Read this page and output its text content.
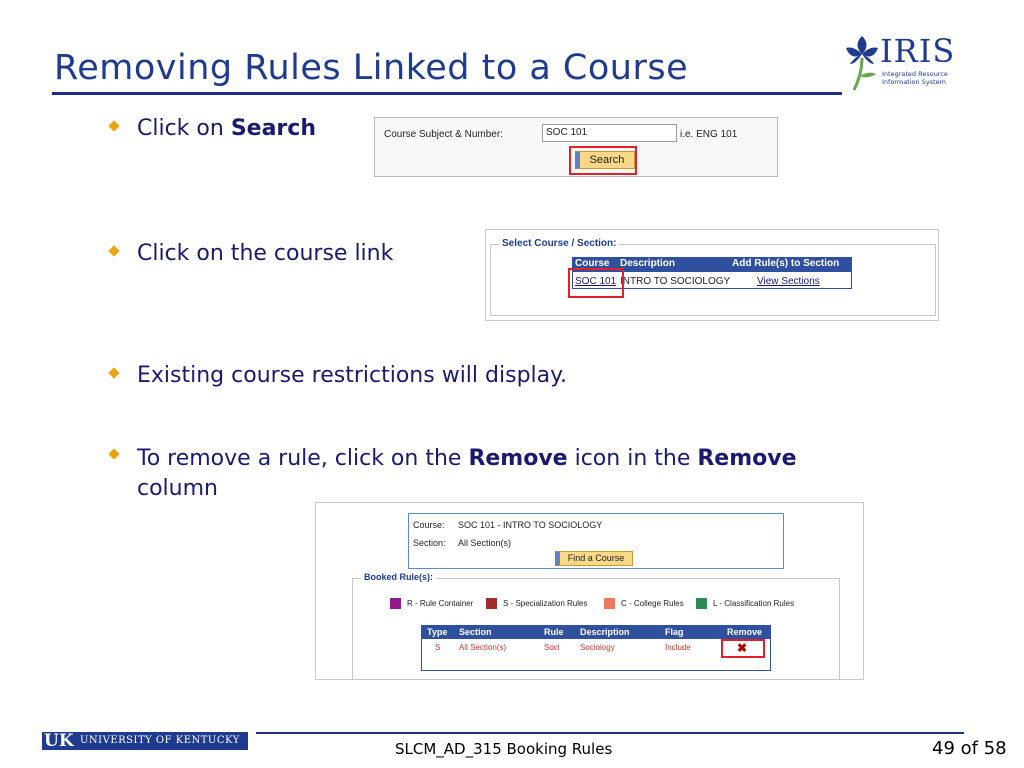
Removing Rules Linked to a Course	IRIS
Integrated Resource Information System
Click on Search	Course Subject & Number:	SOC 101	i.e. ENG 101
Search
Click on the course link	Select Course / Section:
Course	Description	Add Rule(s) to Section
SOC 101 INTRO TO SOCIOLOGY	View Sections
Existing course restrictions will display.
To remove a rule, click on the Remove icon in the Remove
column
Course: SOC 101 - INTRO TO SOCIOLOGY
Section: All Section(s)
Find a Course
Booked Rule(s):
R - Rule Container	S - Specialization Rules	C - College Rules	L - Classification Rules
Type	Section	Rule	Description	Flag	Remove
S	All Section(s)	Soci	Sociology	Include	✖
UK UNIVERSITY OF KENTUCKY	SLCM_AD_315 Booking Rules	49 of 58
